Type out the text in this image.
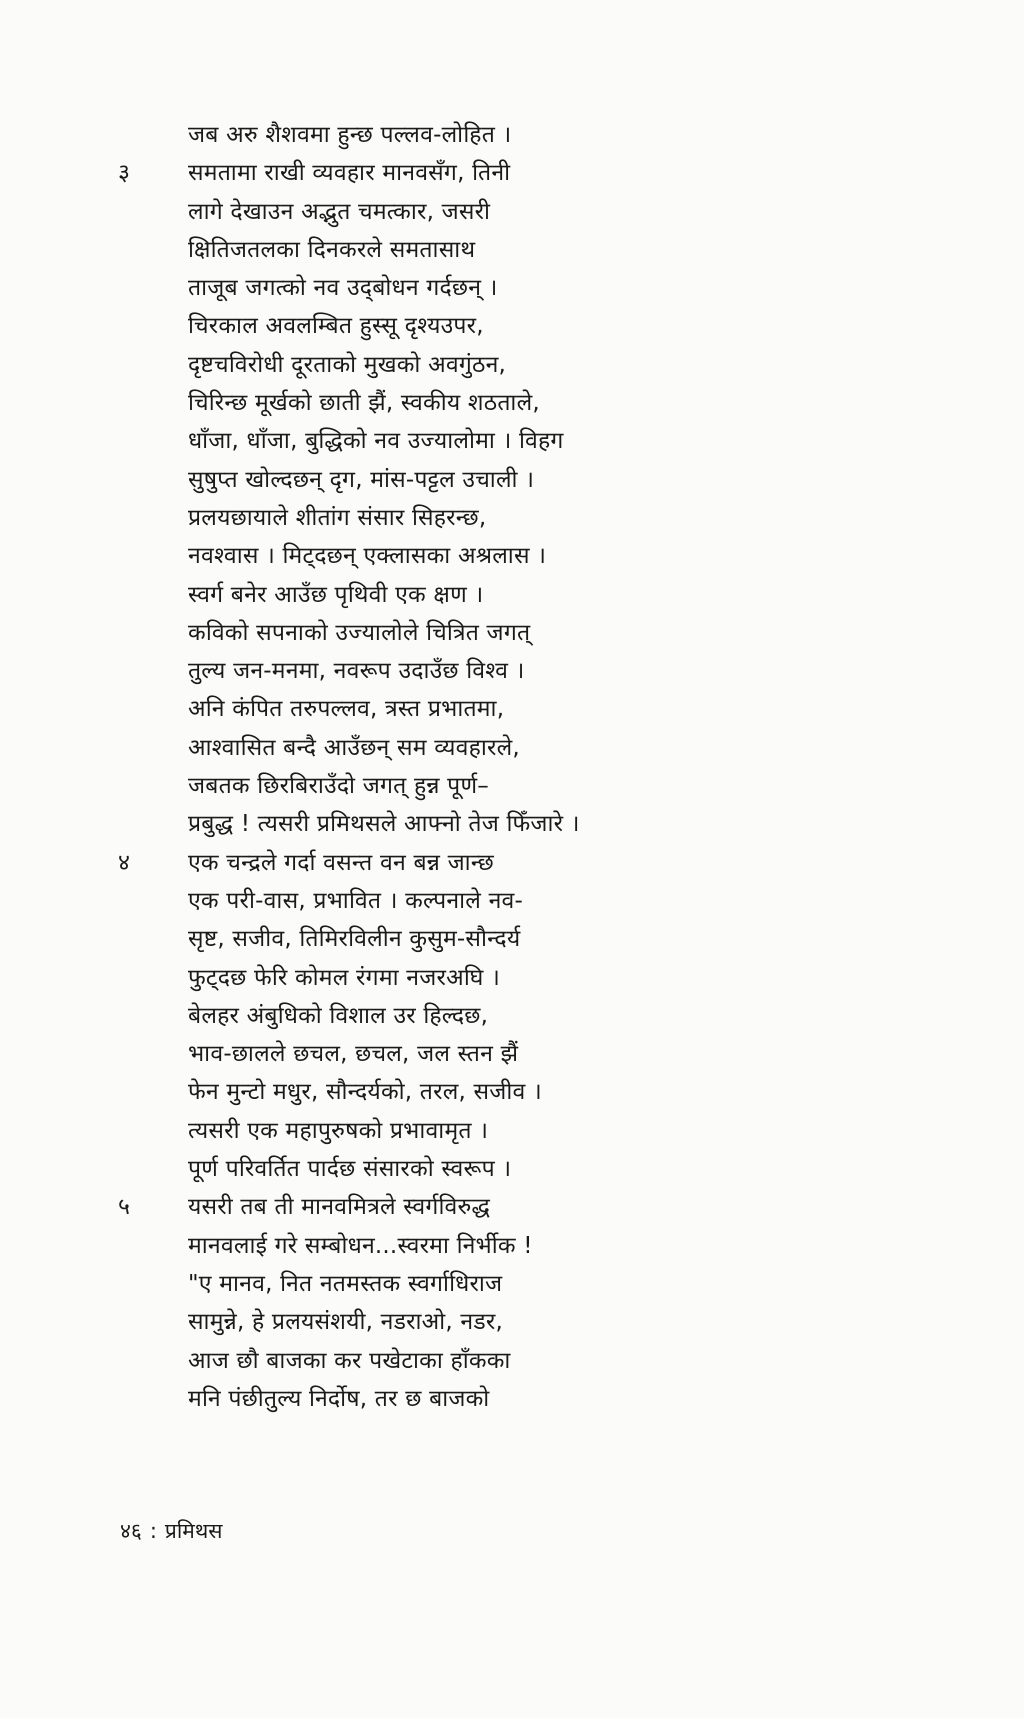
जब अरु शैशवमा हुन्छ पल्लव-लोहित ।
३	समतामा राखी व्यवहार मानवसँग, तिनी
लागे देखाउन अद्भुत चमत्कार, जसरी
क्षितिजतलका दिनकरले समतासाथ
ताजूब जगत्को नव उद्‌बोधन गर्दछन् ।
चिरकाल अवलम्बित हुस्सू दृश्यउपर,
दृष्टचविरोधी दूरताको मुखको अवगुंठन,
चिरिन्छ मूर्खको छाती झैं, स्वकीय शठताले,
धाँजा, धाँजा, बुद्धिको नव उज्यालोमा । विहग
सुषुप्त खोल्दछन् दृग, मांस-पट्टल उचाली ।
प्रलयछायाले शीतांग संसार सिहरन्छ,
नवश्वास । मिट्दछन् एक्लासका अश्रलास ।
स्वर्ग बनेर आउँछ पृथिवी एक क्षण ।
कविको सपनाको उज्यालोले चित्रित जगत्
तुल्य जन-मनमा, नवरूप उदाउँछ विश्व ।
अनि कंपित तरुपल्लव, त्रस्त प्रभातमा,
आश्वासित बन्दै आउँछन् सम व्यवहारले,
जबतक छिरबिराउँदो जगत् हुन्न पूर्ण–
प्रबुद्ध ! त्यसरी प्रमिथसले आफ्नो तेज फिँजारे ।
४	एक चन्द्रले गर्दा वसन्त वन बन्न जान्छ
एक परी-वास, प्रभावित । कल्पनाले नव-
सृष्ट, सजीव, तिमिरविलीन कुसुम-सौन्दर्य
फुट्दछ फेरि कोमल रंगमा नजरअघि ।
बेलहर अंबुधिको विशाल उर हिल्दछ,
भाव-छालले छचल, छचल, जल स्तन झैं
फेन मुन्टो मधुर, सौन्दर्यको, तरल, सजीव ।
त्यसरी एक महापुरुषको प्रभावामृत ।
पूर्ण परिवर्तित पार्दछ संसारको स्वरूप ।
५	यसरी तब ती मानवमित्रले स्वर्गविरुद्ध
मानवलाई गरे सम्बोधन...स्वरमा निर्भीक !
"ए मानव, नित नतमस्तक स्वर्गाधिराज
सामुन्ने, हे प्रलयसंशयी, नडराओ, नडर,
आज छौ बाजका कर पखेटाका हाँकका
मनि पंछीतुल्य निर्दोष, तर छ बाजको
४६ : प्रमिथस
